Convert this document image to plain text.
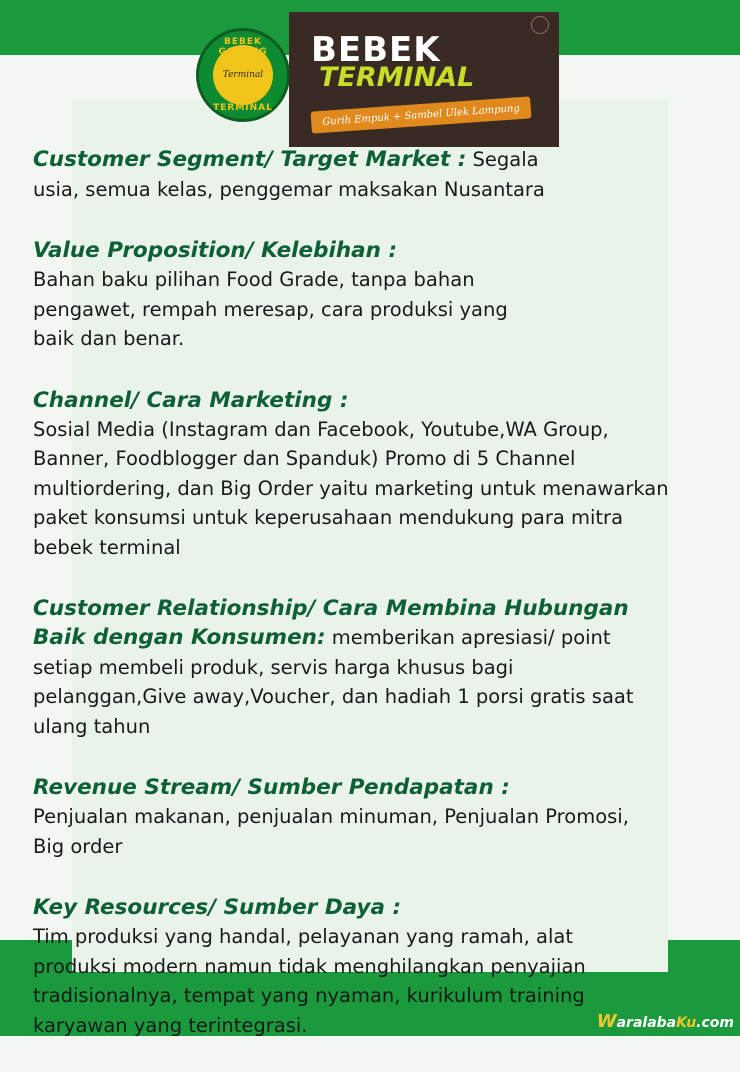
BEBEK GORENG
Terminal
TERMINAL
BEBEK
TERMINAL
Gurih Empuk + Sambel Ulek Lampung
Customer Segment/ Target Market : Segala
usia, semua kelas, penggemar maksakan Nusantara
Value Proposition/ Kelebihan :
Bahan baku pilihan Food Grade, tanpa bahan
pengawet, rempah meresap, cara produksi yang
baik dan benar.
Channel/ Cara Marketing :
Sosial Media (Instagram dan Facebook, Youtube,WA Group,
Banner, Foodblogger dan Spanduk) Promo di 5 Channel
multiordering, dan Big Order yaitu marketing untuk menawarkan
paket konsumsi untuk keperusahaan mendukung para mitra
bebek terminal
Customer Relationship/ Cara Membina Hubungan
Baik dengan Konsumen: memberikan apresiasi/ point
setiap membeli produk, servis harga khusus bagi
pelanggan,Give away,Voucher, dan hadiah 1 porsi gratis saat
ulang tahun
Revenue Stream/ Sumber Pendapatan :
Penjualan makanan, penjualan minuman, Penjualan Promosi,
Big order
Key Resources/ Sumber Daya :
Tim produksi yang handal, pelayanan yang ramah, alat
produksi modern namun tidak menghilangkan penyajian
tradisionalnya, tempat yang nyaman, kurikulum training
karyawan yang terintegrasi.	WaralabaKu.com
